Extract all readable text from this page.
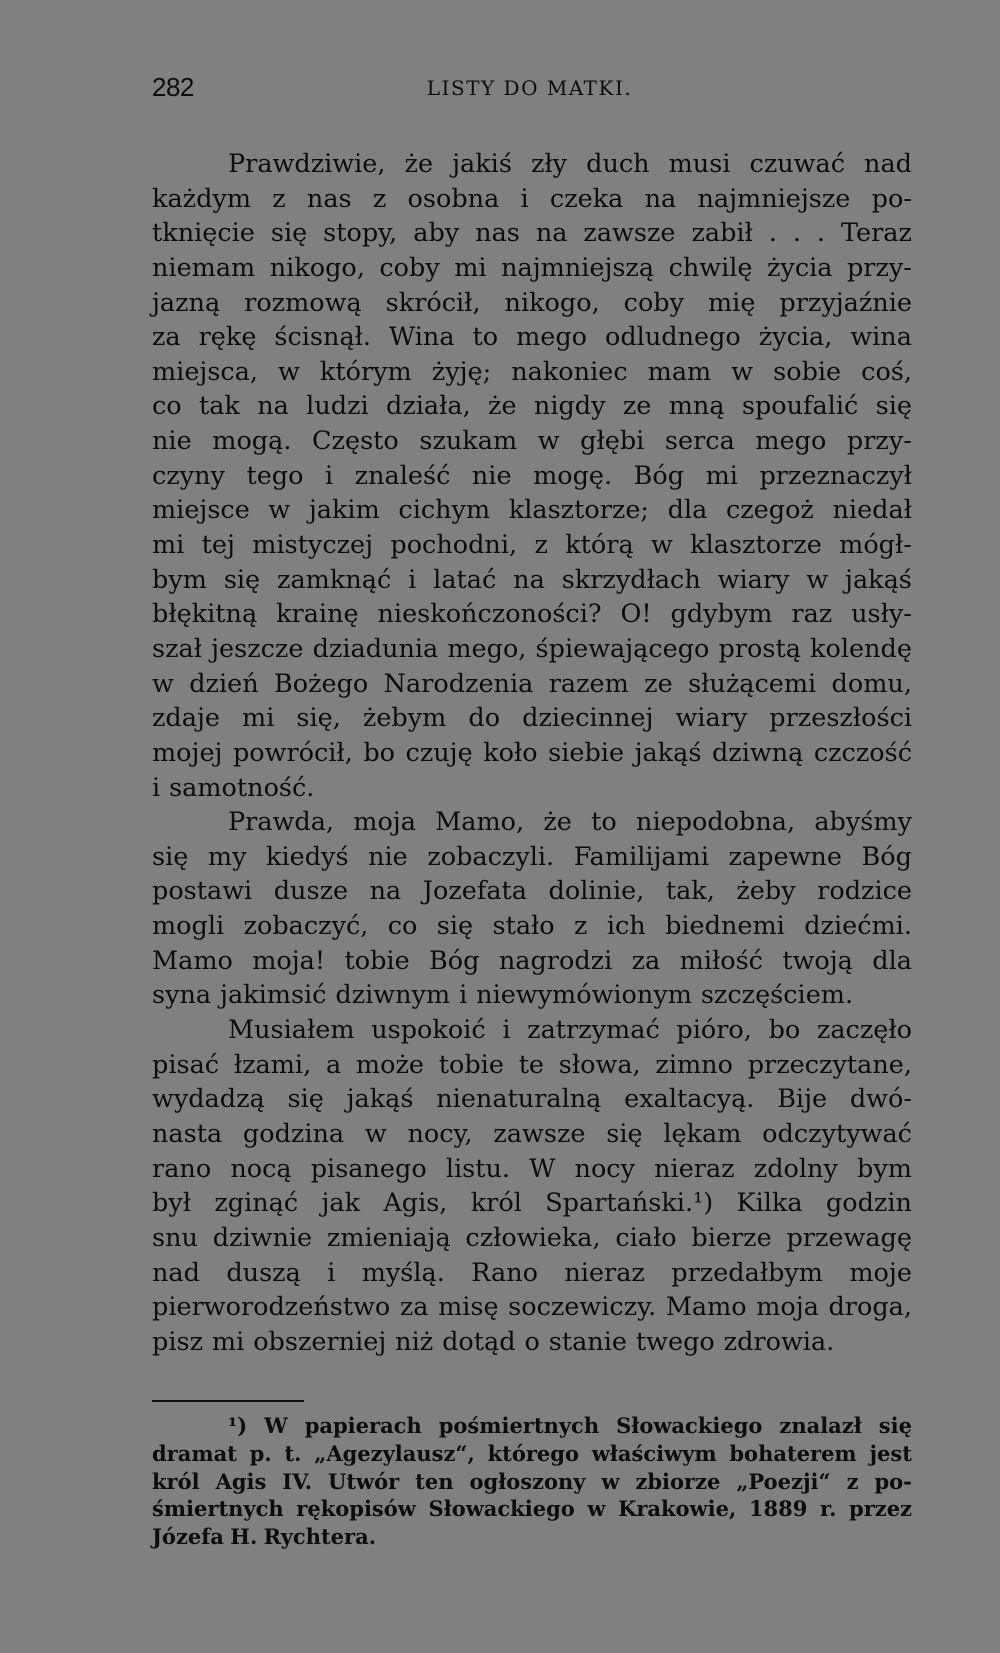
282	LISTY DO MATKI.
Prawdziwie, że jakiś zły duch musi czuwać nad
każdym z nas z osobna i czeka na najmniejsze po-
tknięcie się stopy, aby nas na zawsze zabił . . . Teraz
niemam nikogo, coby mi najmniejszą chwilę życia przy-
jazną rozmową skrócił, nikogo, coby mię przyjaźnie
za rękę ścisnął. Wina to mego odludnego życia, wina
miejsca, w którym żyję; nakoniec mam w sobie coś,
co tak na ludzi działa, że nigdy ze mną spoufalić się
nie mogą. Często szukam w głębi serca mego przy-
czyny tego i znaleść nie mogę. Bóg mi przeznaczył
miejsce w jakim cichym klasztorze; dla czegoż niedał
mi tej mistyczej pochodni, z którą w klasztorze mógł-
bym się zamknąć i latać na skrzydłach wiary w jakąś
błękitną krainę nieskończoności? O! gdybym raz usły-
szał jeszcze dziadunia mego, śpiewającego prostą kolendę
w dzień Bożego Narodzenia razem ze służącemi domu,
zdaje mi się, żebym do dziecinnej wiary przeszłości
mojej powrócił, bo czuję koło siebie jakąś dziwną czczość
i samotność.
Prawda, moja Mamo, że to niepodobna, abyśmy
się my kiedyś nie zobaczyli. Familijami zapewne Bóg
postawi dusze na Jozefata dolinie, tak, żeby rodzice
mogli zobaczyć, co się stało z ich biednemi dziećmi.
Mamo moja! tobie Bóg nagrodzi za miłość twoją dla
syna jakimsić dziwnym i niewymówionym szczęściem.
Musiałem uspokoić i zatrzymać pióro, bo zaczęło
pisać łzami, a może tobie te słowa, zimno przeczytane,
wydadzą się jakąś nienaturalną exaltacyą. Bije dwó-
nasta godzina w nocy, zawsze się lękam odczytywać
rano nocą pisanego listu. W nocy nieraz zdolny bym
był zginąć jak Agis, król Spartański.¹) Kilka godzin
snu dziwnie zmieniają człowieka, ciało bierze przewagę
nad duszą i myślą. Rano nieraz przedałbym moje
pierworodzeństwo za misę soczewiczy. Mamo moja droga,
pisz mi obszerniej niż dotąd o stanie twego zdrowia.
¹) W papierach pośmiertnych Słowackiego znalazł się
dramat p. t. „Agezylausz“, którego właściwym bohaterem jest
król Agis IV. Utwór ten ogłoszony w zbiorze „Poezji“ z po-
śmiertnych rękopisów Słowackiego w Krakowie, 1889 r. przez
Józefa H. Rychtera.
